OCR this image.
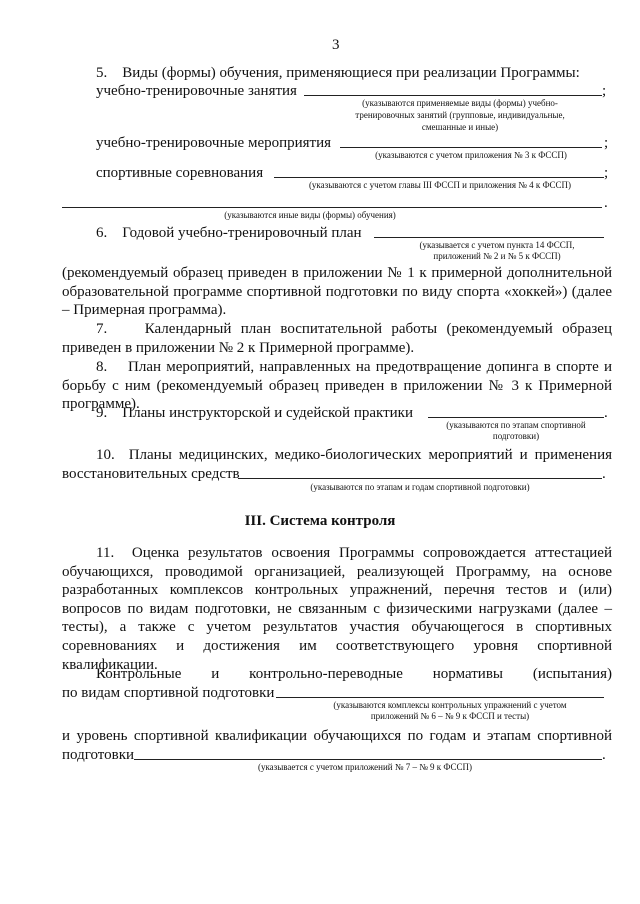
3
5.    Виды (формы) обучения, применяющиеся при реализации Программы:
учебно-тренировочные занятия	;
(указываются применяемые виды (формы) учебно-
тренировочных занятий (групповые, индивидуальные,
смешанные и иные)
учебно-тренировочные мероприятия	;
(указываются с учетом приложения № 3 к ФССП)
спортивные соревнования	;
(указываются с учетом главы III ФССП и приложения № 4 к ФССП)
.
(указываются иные виды (формы) обучения)
6.    Годовой учебно-тренировочный план
(указывается с учетом пункта 14 ФССП,
приложений № 2 и № 5 к ФССП)
(рекомендуемый образец приведен в приложении № 1 к примерной дополнительной образовательной программе спортивной подготовки по виду спорта «хоккей») (далее – Примерная программа).
7.    Календарный план воспитательной работы (рекомендуемый образец приведен в приложении № 2 к Примерной программе).
8.    План мероприятий, направленных на предотвращение допинга в спорте и борьбу с ним (рекомендуемый образец приведен в приложении № 3 к Примерной программе).
9.    Планы инструкторской и судейской практики	.
(указываются по этапам спортивной
подготовки)
10.  Планы медицинских, медико-биологических мероприятий и применения
восстановительных средств	.
(указываются по этапам и годам спортивной подготовки)
III. Система контроля
11.  Оценка результатов освоения Программы сопровождается аттестацией обучающихся, проводимой организацией, реализующей Программу, на основе разработанных комплексов контрольных упражнений, перечня тестов и (или) вопросов по видам подготовки, не связанным с физическими нагрузками (далее – тесты), а также с учетом результатов участия обучающегося в спортивных соревнованиях и достижения им соответствующего уровня спортивной квалификации.
Контрольные и контрольно-переводные нормативы (испытания)
по видам спортивной подготовки
(указываются комплексы контрольных упражнений с учетом
приложений № 6 – № 9 к ФССП и тесты)
и уровень спортивной квалификации обучающихся по годам и этапам спортивной
подготовки	.
(указывается с учетом приложений № 7 – № 9 к ФССП)
